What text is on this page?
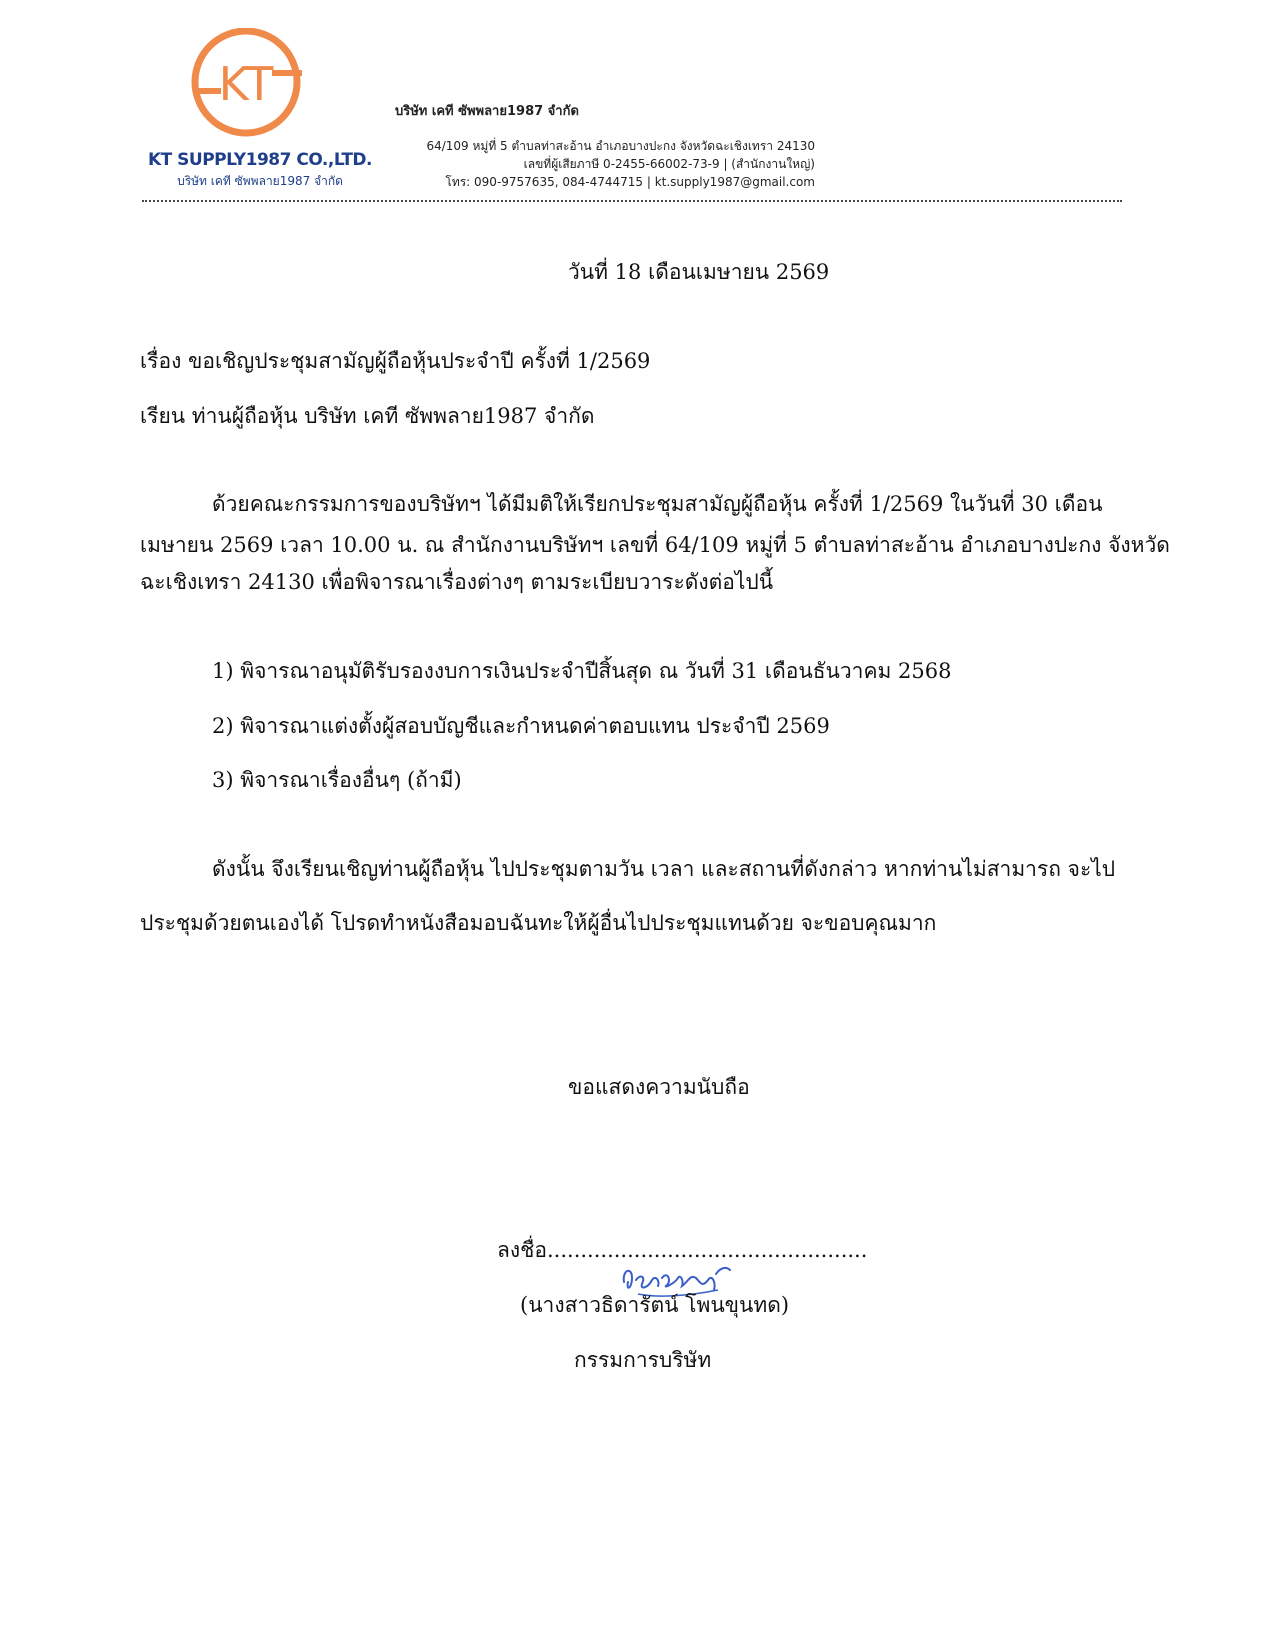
KT
KT SUPPLY1987 CO.,LTD.
บริษัท เคที ซัพพลาย1987 จำกัด
บริษัท เคที ซัพพลาย1987 จำกัด
64/109 หมู่ที่ 5 ตำบลท่าสะอ้าน อำเภอบางปะกง จังหวัดฉะเชิงเทรา 24130
เลขที่ผู้เสียภาษี 0-2455-66002-73-9 | (สำนักงานใหญ่)
โทร: 090-9757635, 084-4744715 | kt.supply1987@gmail.com
วันที่ 18 เดือนเมษายน 2569
เรื่อง ขอเชิญประชุมสามัญผู้ถือหุ้นประจำปี ครั้งที่ 1/2569
เรียน ท่านผู้ถือหุ้น บริษัท เคที ซัพพลาย1987 จำกัด
ด้วยคณะกรรมการของบริษัทฯ ได้มีมติให้เรียกประชุมสามัญผู้ถือหุ้น ครั้งที่ 1/2569 ในวันที่ 30 เดือน
เมษายน 2569 เวลา 10.00 น. ณ สำนักงานบริษัทฯ เลขที่ 64/109 หมู่ที่ 5 ตำบลท่าสะอ้าน อำเภอบางปะกง จังหวัด
ฉะเชิงเทรา 24130 เพื่อพิจารณาเรื่องต่างๆ ตามระเบียบวาระดังต่อไปนี้
1) พิจารณาอนุมัติรับรองงบการเงินประจำปีสิ้นสุด ณ วันที่ 31 เดือนธันวาคม 2568
2) พิจารณาแต่งตั้งผู้สอบบัญชีและกำหนดค่าตอบแทน ประจำปี 2569
3) พิจารณาเรื่องอื่นๆ (ถ้ามี)
ดังนั้น จึงเรียนเชิญท่านผู้ถือหุ้น ไปประชุมตามวัน เวลา และสถานที่ดังกล่าว หากท่านไม่สามารถ จะไป
ประชุมด้วยตนเองได้ โปรดทำหนังสือมอบฉันทะให้ผู้อื่นไปประชุมแทนด้วย จะขอบคุณมาก
ขอแสดงความนับถือ
ลงชื่อ................................................
(นางสาวธิดารัตน์ โพนขุนทด)
กรรมการบริษัท
